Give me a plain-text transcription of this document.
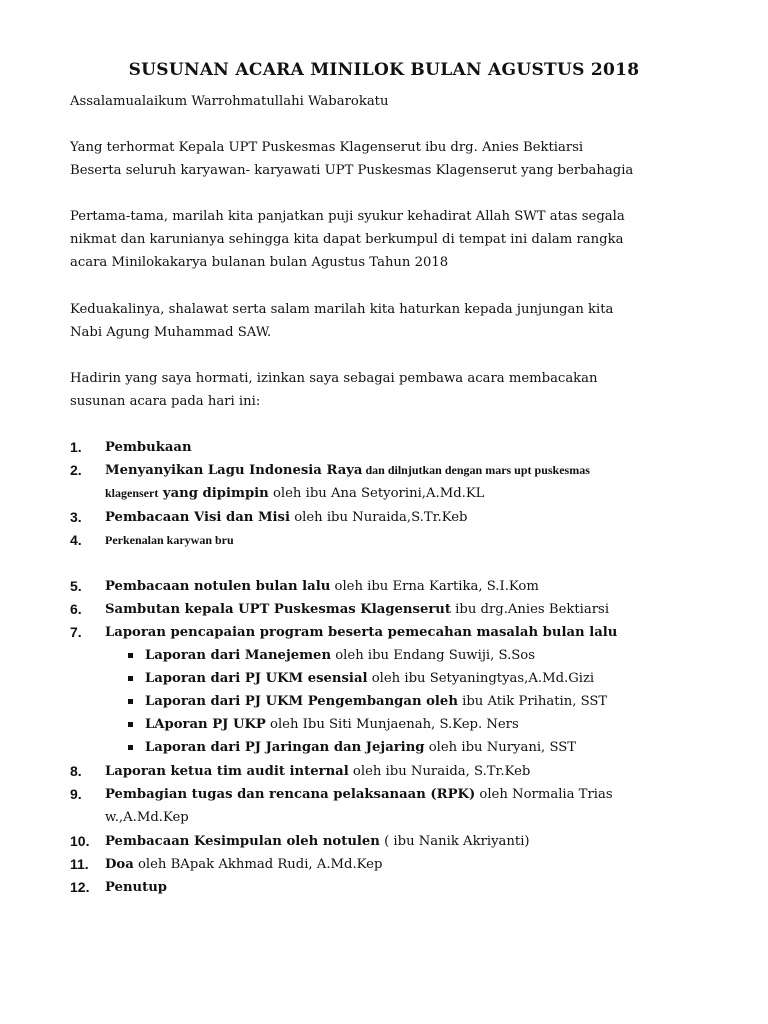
SUSUNAN ACARA MINILOK BULAN AGUSTUS 2018

Assalamualaikum Warrohmatullahi Wabarokatu

Yang terhormat Kepala UPT Puskesmas Klagenserut ibu drg. Anies Bektiarsi
Beserta seluruh karyawan- karyawati UPT Puskesmas Klagenserut yang berbahagia

Pertama-tama, marilah kita panjatkan puji syukur kehadirat Allah SWT atas segala
nikmat dan karunianya sehingga kita dapat berkumpul di tempat ini dalam rangka
acara Minilokakarya bulanan bulan Agustus Tahun 2018

Keduakalinya, shalawat serta salam marilah kita haturkan kepada junjungan kita
Nabi Agung Muhammad SAW.

Hadirin yang saya hormati, izinkan saya sebagai pembawa acara membacakan
susunan acara pada hari ini:

1. Pembukaan
2. Menyanyikan Lagu Indonesia Raya dan dilnjutkan dengan mars upt puskesmas
klagensert yang dipimpin oleh ibu Ana Setyorini,A.Md.KL
3. Pembacaan Visi dan Misi oleh ibu Nuraida,S.Tr.Keb
4. Perkenalan karywan bru
5. Pembacaan notulen bulan lalu oleh ibu Erna Kartika, S.I.Kom
6. Sambutan kepala UPT Puskesmas Klagenserut ibu drg.Anies Bektiarsi
7. Laporan pencapaian program beserta pemecahan masalah bulan lalu
Laporan dari Manejemen oleh ibu Endang Suwiji, S.Sos
Laporan dari PJ UKM esensial oleh ibu Setyaningtyas,A.Md.Gizi
Laporan dari PJ UKM Pengembangan oleh ibu Atik Prihatin, SST
LAporan PJ UKP oleh Ibu Siti Munjaenah, S.Kep. Ners
Laporan dari PJ Jaringan dan Jejaring oleh ibu Nuryani, SST
8. Laporan ketua tim audit internal oleh ibu Nuraida, S.Tr.Keb
9. Pembagian tugas dan rencana pelaksanaan (RPK) oleh Normalia Trias
w.,A.Md.Kep
10. Pembacaan Kesimpulan oleh notulen ( ibu Nanik Akriyanti)
11. Doa oleh BApak Akhmad Rudi, A.Md.Kep
12. Penutup
